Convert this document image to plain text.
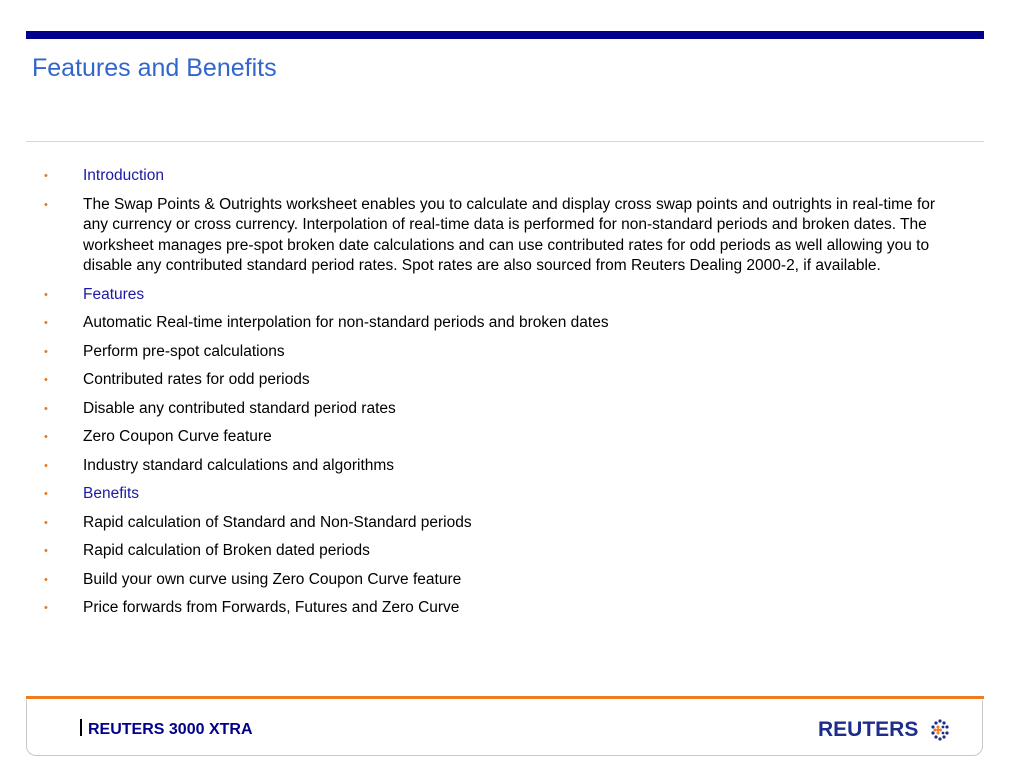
Features and Benefits
• Introduction
• The Swap Points & Outrights worksheet enables you to calculate and display cross swap points and outrights in real-time for any currency or cross currency. Interpolation of real-time data is performed for non-standard periods and broken dates. The worksheet manages pre-spot broken date calculations and can use contributed rates for odd periods as well allowing you to disable any contributed standard period rates. Spot rates are also sourced from Reuters Dealing 2000-2, if available.
• Features
• Automatic Real-time interpolation for non-standard periods and broken dates
• Perform pre-spot calculations
• Contributed rates for odd periods
• Disable any contributed standard period rates
• Zero Coupon Curve feature
• Industry standard calculations and algorithms
• Benefits
• Rapid calculation of Standard and Non-Standard periods
• Rapid calculation of Broken dated periods
• Build your own curve using Zero Coupon Curve feature
• Price forwards from Forwards, Futures and Zero Curve
REUTERS 3000 XTRA	REUTERS
